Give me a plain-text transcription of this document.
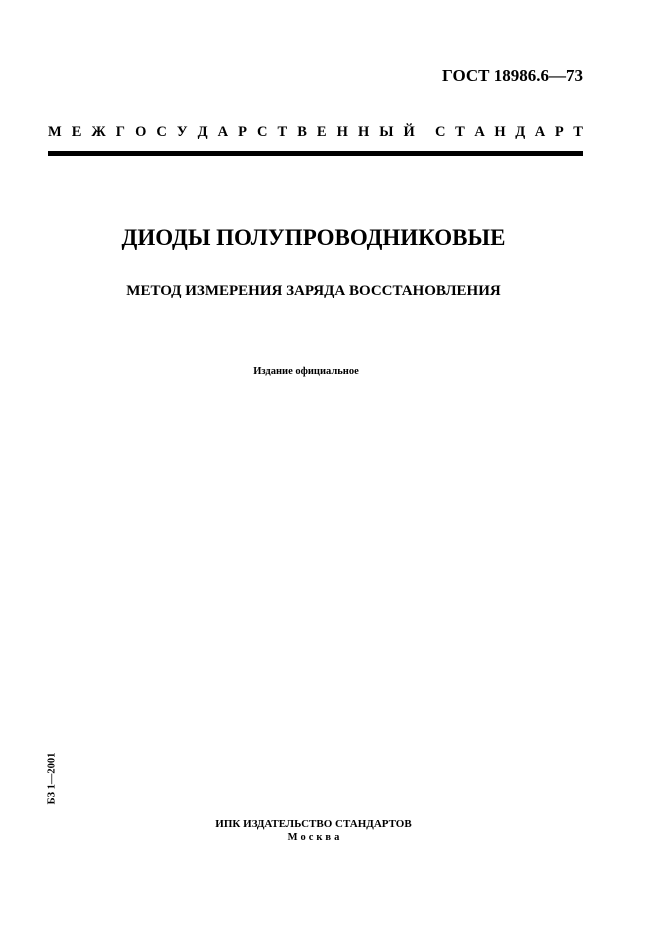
ГОСТ 18986.6—73
М Е Ж Г О С У Д А Р С Т В Е Н Н Ы Й С Т А Н Д А Р Т
ДИОДЫ ПОЛУПРОВОДНИКОВЫЕ
МЕТОД ИЗМЕРЕНИЯ ЗАРЯДА ВОССТАНОВЛЕНИЯ
Издание официальное
БЗ 1—2001
ИПК ИЗДАТЕЛЬСТВО СТАНДАРТОВ
Москва
